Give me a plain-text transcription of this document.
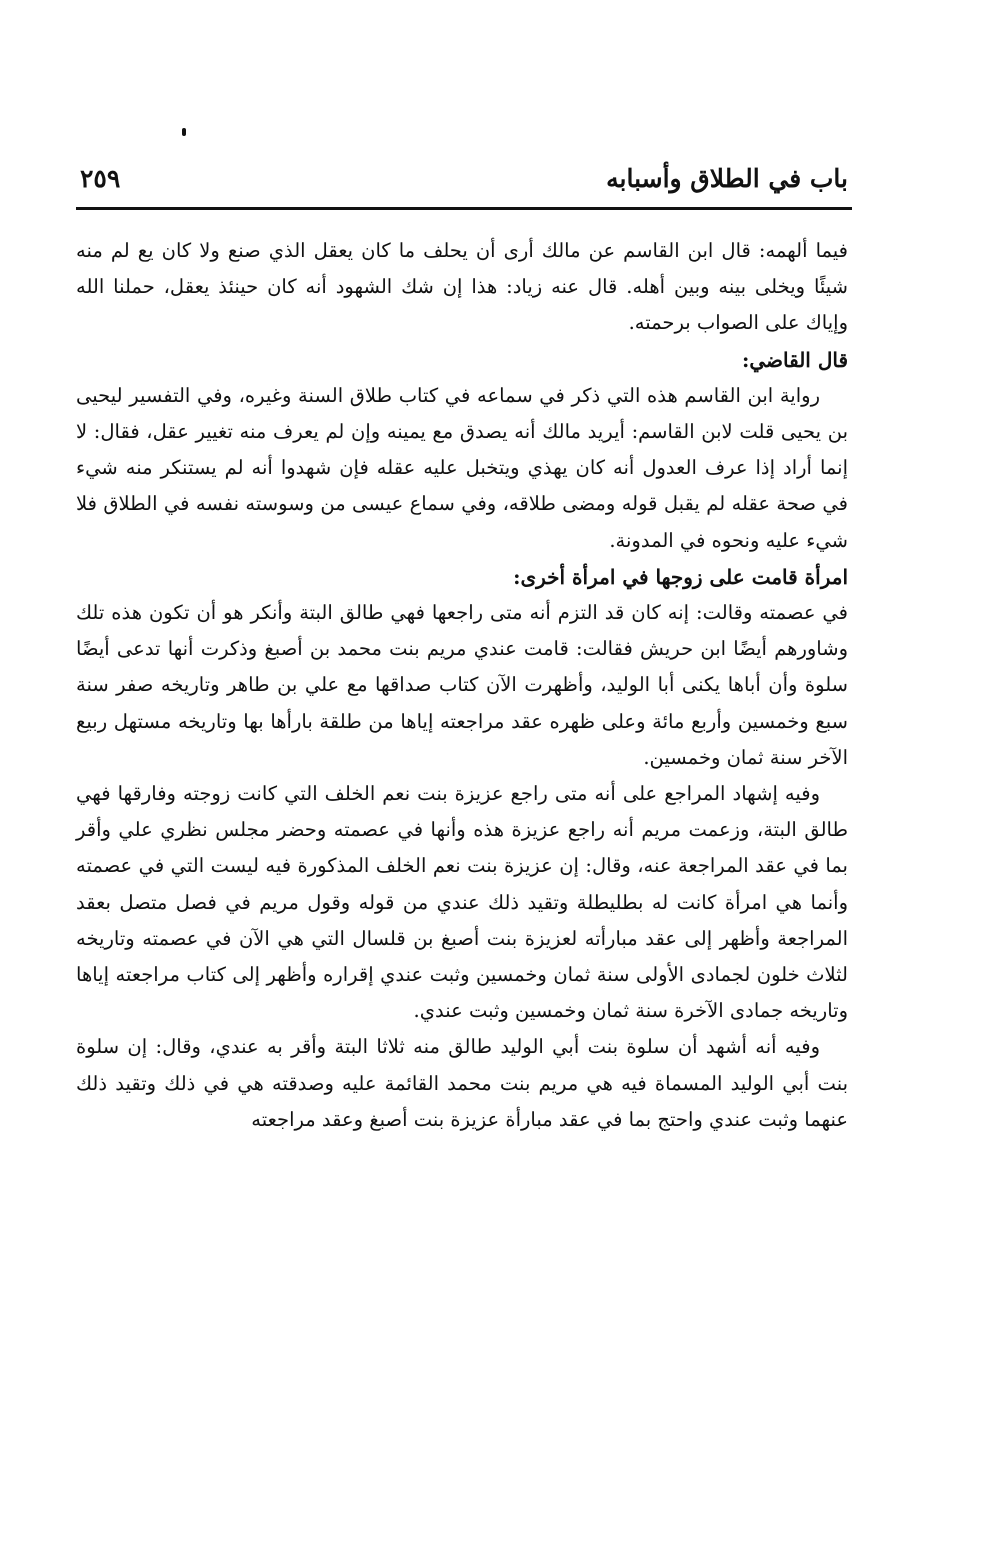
باب في الطلاق وأسبابه
٢٥٩

فيما ألهمه: قال ابن القاسم عن مالك أرى أن يحلف ما كان يعقل الذي صنع ولا كان يع لم منه شيئًا ويخلى بينه وبين أهله. قال عنه زياد: هذا إن شك الشهود أنه كان حينئذ يعقل، حملنا الله وإياك على الصواب برحمته.

قال القاضي:

رواية ابن القاسم هذه التي ذكر في سماعه في كتاب طلاق السنة وغيره، وفي التفسير ليحيى بن يحيى قلت لابن القاسم: أيريد مالك أنه يصدق مع يمينه وإن لم يعرف منه تغيير عقل، فقال: لا إنما أراد إذا عرف العدول أنه كان يهذي ويتخبل عليه عقله فإن شهدوا أنه لم يستنكر منه شيء في صحة عقله لم يقبل قوله ومضى طلاقه، وفي سماع عيسى من وسوسته نفسه في الطلاق فلا شيء عليه ونحوه في المدونة.

امرأة قامت على زوجها في امرأة أخرى:

في عصمته وقالت: إنه كان قد التزم أنه متى راجعها فهي طالق البتة وأنكر هو أن تكون هذه تلك وشاورهم أيضًا ابن حريش فقالت: قامت عندي مريم بنت محمد بن أصبغ وذكرت أنها تدعى أيضًا سلوة وأن أباها يكنى أبا الوليد، وأظهرت الآن كتاب صداقها مع علي بن طاهر وتاريخه صفر سنة سبع وخمسين وأربع مائة وعلى ظهره عقد مراجعته إياها من طلقة بارأها بها وتاريخه مستهل ربيع الآخر سنة ثمان وخمسين.

وفيه إشهاد المراجع على أنه متى راجع عزيزة بنت نعم الخلف التي كانت زوجته وفارقها فهي طالق البتة، وزعمت مريم أنه راجع عزيزة هذه وأنها في عصمته وحضر مجلس نظري علي وأقر بما في عقد المراجعة عنه، وقال: إن عزيزة بنت نعم الخلف المذكورة فيه ليست التي في عصمته وأنما هي امرأة كانت له بطليطلة وتقيد ذلك عندي من قوله وقول مريم في فصل متصل بعقد المراجعة وأظهر إلى عقد مبارأته لعزيزة بنت أصبغ بن قلسال التي هي الآن في عصمته وتاريخه لثلاث خلون لجمادى الأولى سنة ثمان وخمسين وثبت عندي إقراره وأظهر إلى كتاب مراجعته إياها وتاريخه جمادى الآخرة سنة ثمان وخمسين وثبت عندي.

وفيه أنه أشهد أن سلوة بنت أبي الوليد طالق منه ثلاثا البتة وأقر به عندي، وقال: إن سلوة بنت أبي الوليد المسماة فيه هي مريم بنت محمد القائمة عليه وصدقته هي في ذلك وتقيد ذلك عنهما وثبت عندي واحتج بما في عقد مبارأة عزيزة بنت أصبغ وعقد مراجعته
